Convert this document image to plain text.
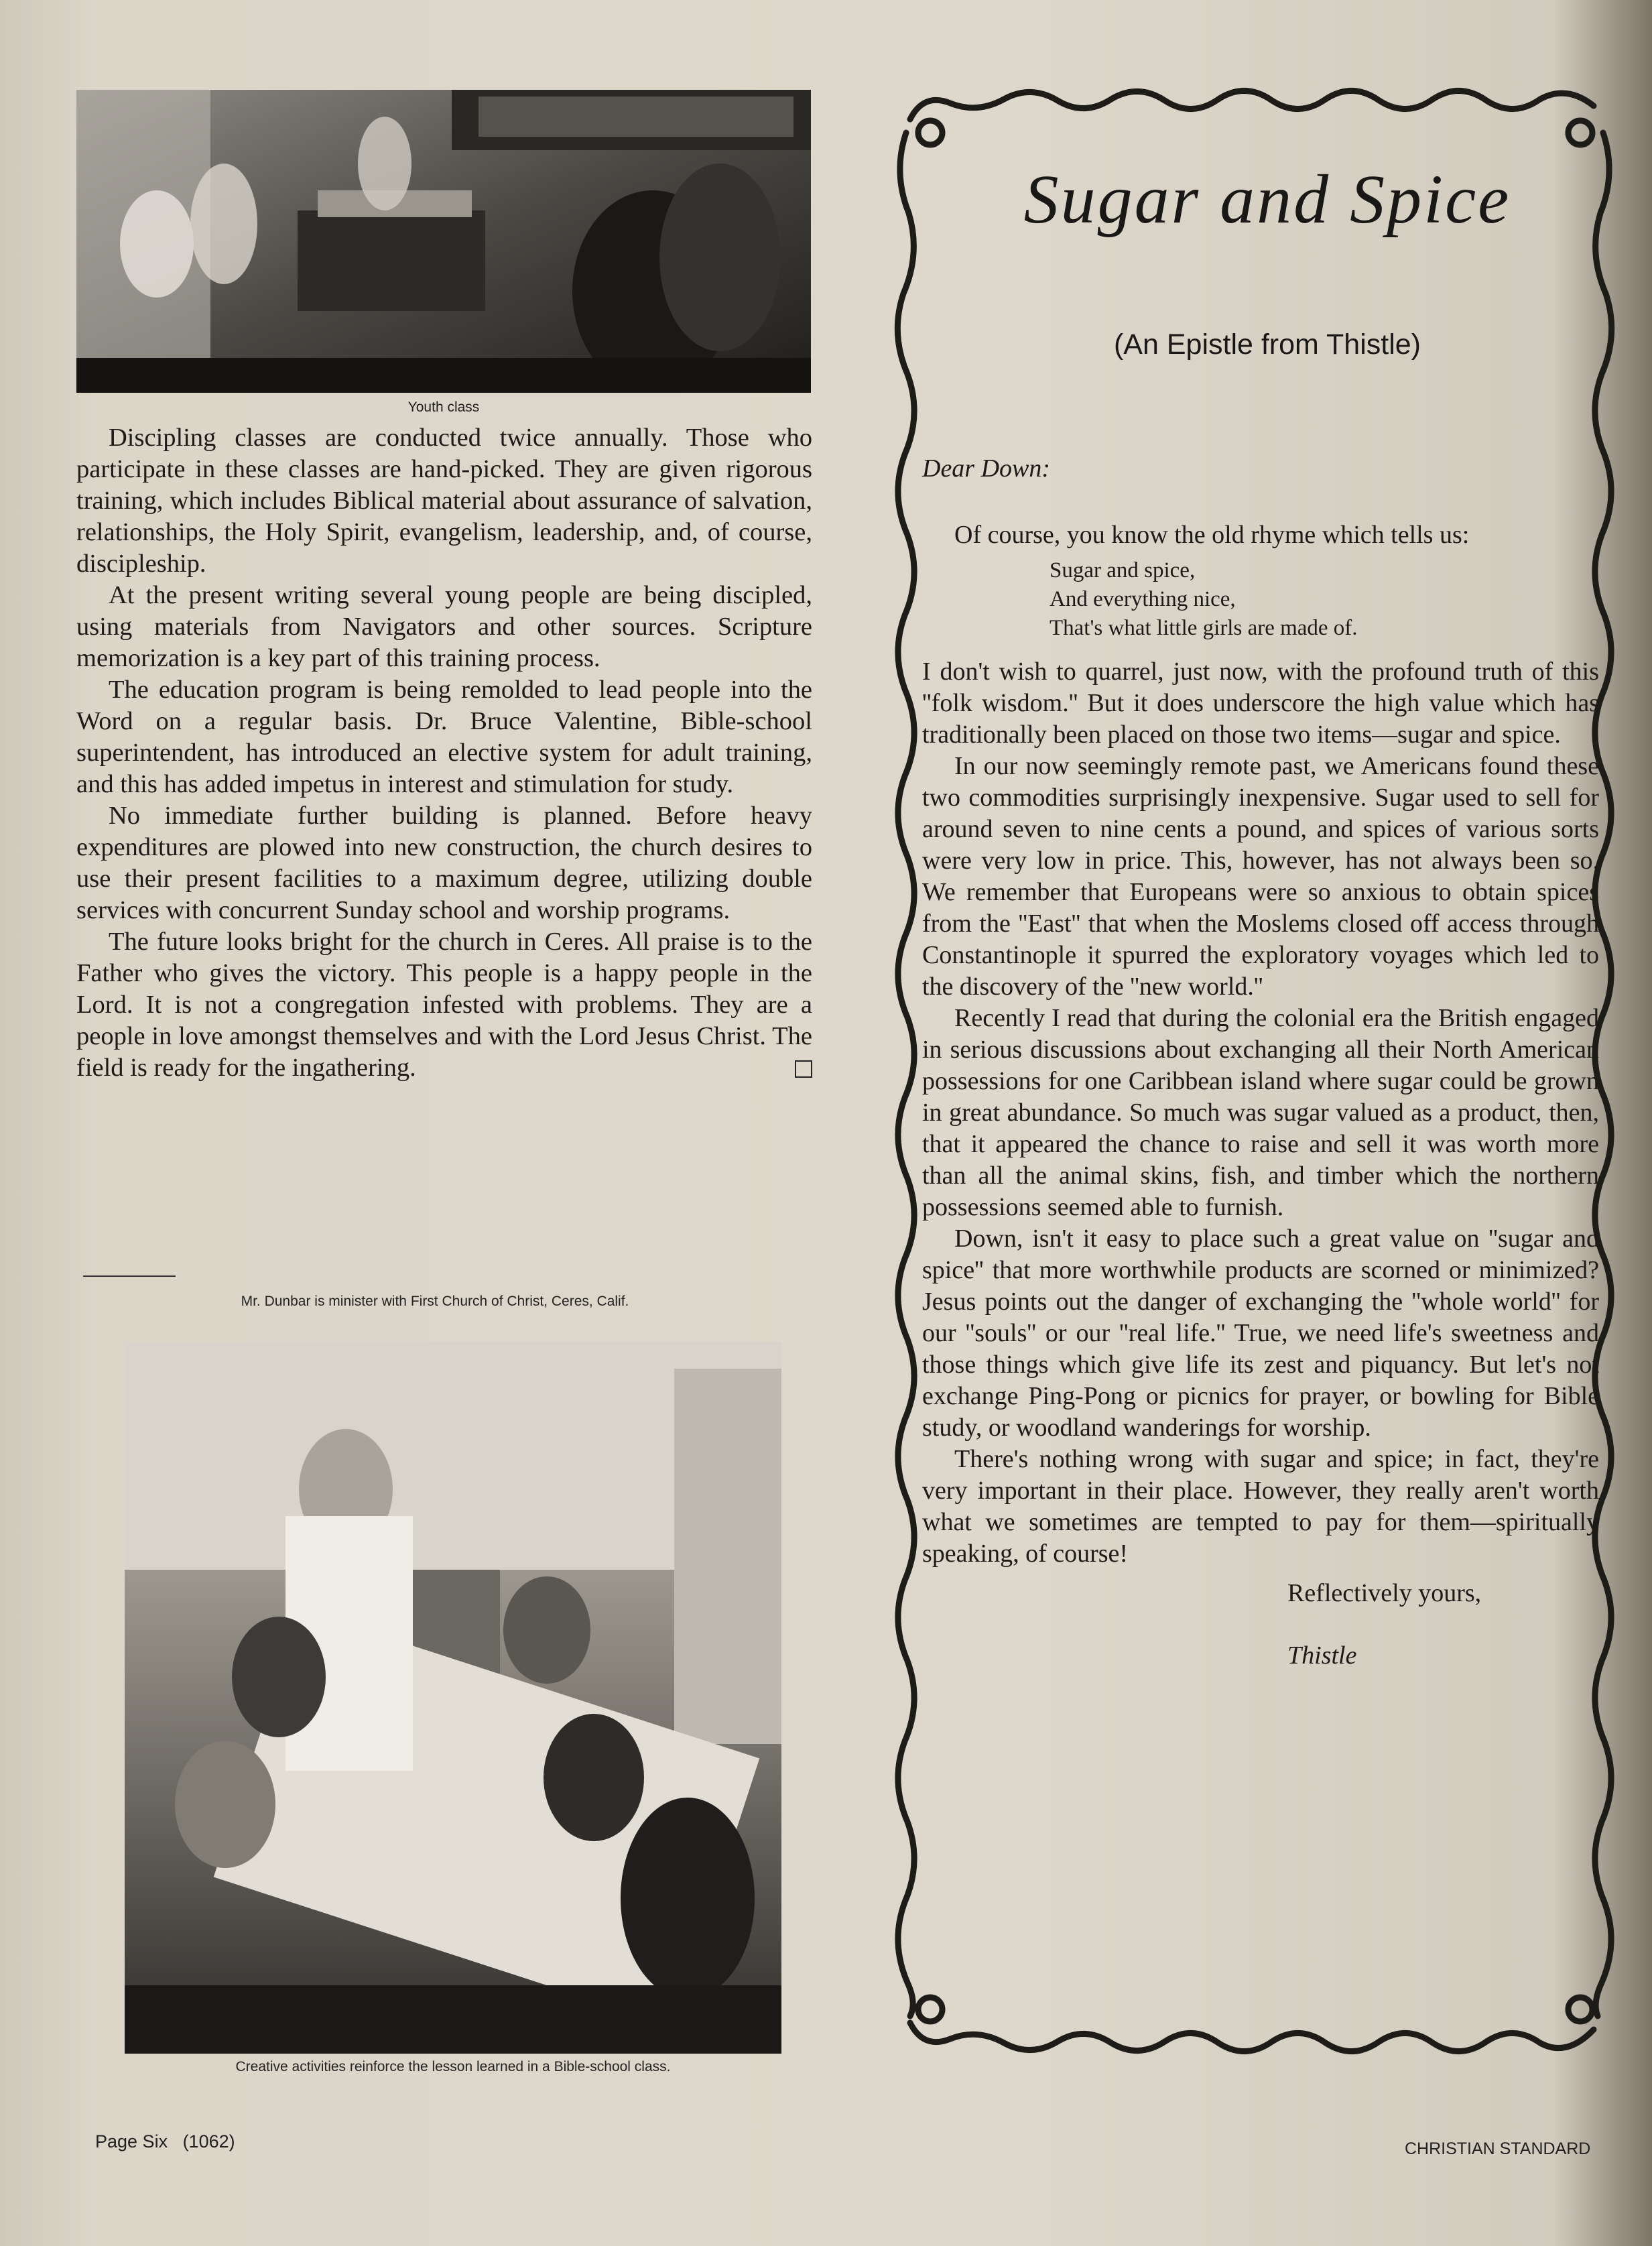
Youth class

Discipling classes are conducted twice annually. Those who participate in these classes are hand-picked. They are given rigorous training, which includes Biblical material about assurance of salvation, relationships, the Holy Spirit, evangelism, leadership, and, of course, discipleship.

At the present writing several young people are being discipled, using materials from Navigators and other sources. Scripture memorization is a key part of this training process.

The education program is being remolded to lead people into the Word on a regular basis. Dr. Bruce Valentine, Bible-school superintendent, has introduced an elective system for adult training, and this has added impetus in interest and stimulation for study.

No immediate further building is planned. Before heavy expenditures are plowed into new construction, the church desires to use their present facilities to a maximum degree, utilizing double services with concurrent Sunday school and worship programs.

The future looks bright for the church in Ceres. All praise is to the Father who gives the victory. This people is a happy people in the Lord. It is not a congregation infested with problems. They are a people in love amongst themselves and with the Lord Jesus Christ. The field is ready for the ingathering.

Mr. Dunbar is minister with First Church of Christ, Ceres, Calif.
Creative activities reinforce the lesson learned in a Bible-school class.
Sugar and Spice
(An Epistle from Thistle)

Dear Down:

Of course, you know the old rhyme which tells us:

Sugar and spice,
And everything nice,
That's what little girls are made of.

I don't wish to quarrel, just now, with the profound truth of this ''folk wisdom.'' But it does underscore the high value which has traditionally been placed on those two items—sugar and spice.

In our now seemingly remote past, we Americans found these two commodities surprisingly inexpensive. Sugar used to sell for around seven to nine cents a pound, and spices of various sorts were very low in price. This, however, has not always been so. We remember that Europeans were so anxious to obtain spices from the ''East'' that when the Moslems closed off access through Constantinople it spurred the exploratory voyages which led to the discovery of the ''new world.''

Recently I read that during the colonial era the British engaged in serious discussions about exchanging all their North American possessions for one Caribbean island where sugar could be grown in great abundance. So much was sugar valued as a product, then, that it appeared the chance to raise and sell it was worth more than all the animal skins, fish, and timber which the northern possessions seemed able to furnish.

Down, isn't it easy to place such a great value on ''sugar and spice'' that more worthwhile products are scorned or minimized? Jesus points out the danger of exchanging the ''whole world'' for our ''souls'' or our ''real life.'' True, we need life's sweetness and those things which give life its zest and piquancy. But let's not exchange Ping-Pong or picnics for prayer, or bowling for Bible study, or woodland wanderings for worship.

There's nothing wrong with sugar and spice; in fact, they're very important in their place. However, they really aren't worth what we sometimes are tempted to pay for them—spiritually speaking, of course!

Reflectively yours,

Thistle

Page Six   (1062)	CHRISTIAN STANDARD
